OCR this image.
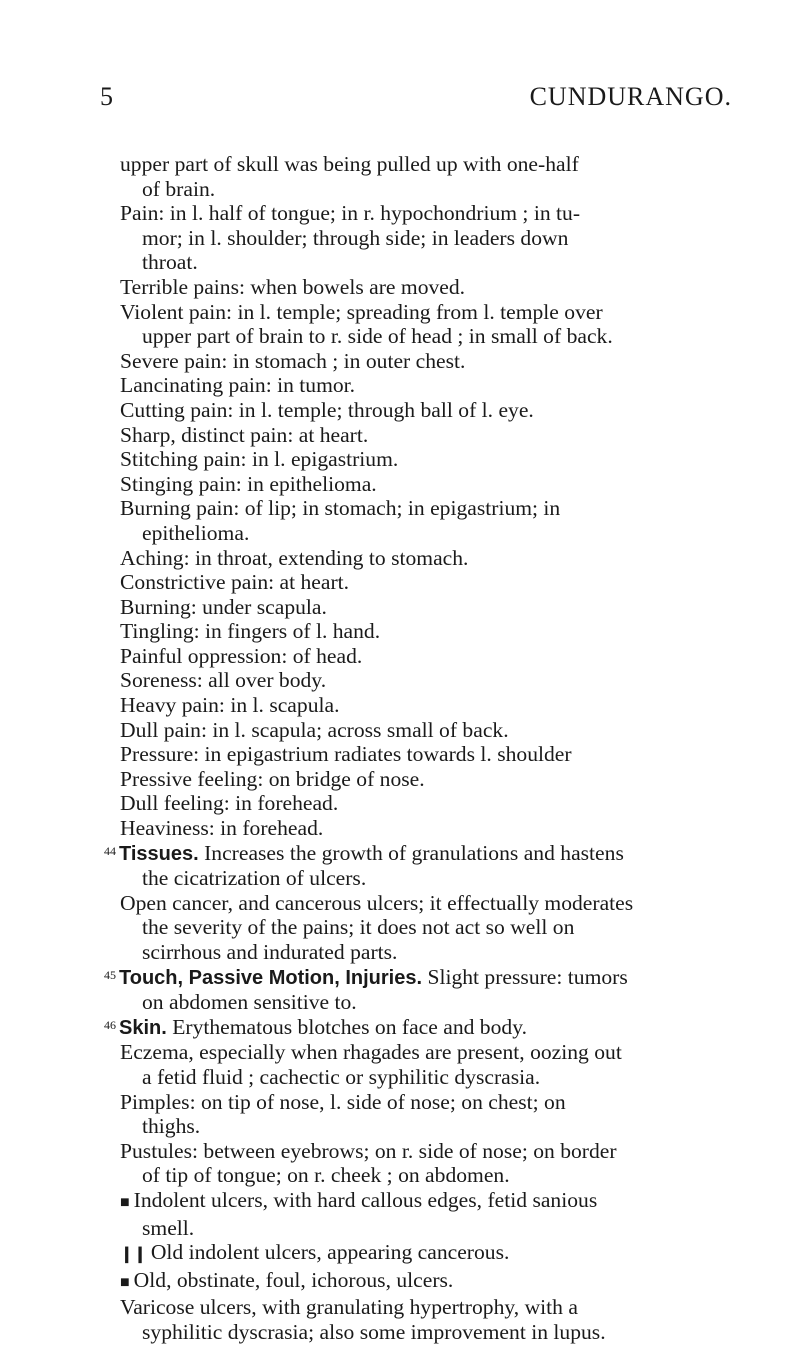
5	CUNDURANGO.
upper part of skull was being pulled up with one-half
of brain.
Pain: in l. half of tongue; in r. hypochondrium ; in tu-
mor; in l. shoulder; through side; in leaders down
throat.
Terrible pains: when bowels are moved.
Violent pain: in l. temple; spreading from l. temple over
upper part of brain to r. side of head ; in small of back.
Severe pain: in stomach ; in outer chest.
Lancinating pain: in tumor.
Cutting pain: in l. temple; through ball of l. eye.
Sharp, distinct pain: at heart.
Stitching pain: in l. epigastrium.
Stinging pain: in epithelioma.
Burning pain: of lip; in stomach; in epigastrium; in
epithelioma.
Aching: in throat, extending to stomach.
Constrictive pain: at heart.
Burning: under scapula.
Tingling: in fingers of l. hand.
Painful oppression: of head.
Soreness: all over body.
Heavy pain: in l. scapula.
Dull pain: in l. scapula; across small of back.
Pressure: in epigastrium radiates towards l. shoulder
Pressive feeling: on bridge of nose.
Dull feeling: in forehead.
Heaviness: in forehead.
$^{44}$ Tissues. Increases the growth of granulations and hastens
the cicatrization of ulcers.
Open cancer, and cancerous ulcers; it effectually moderates
the severity of the pains; it does not act so well on
scirrhous and indurated parts.
$^{45}$ Touch, Passive Motion, Injuries. Slight pressure: tumors
on abdomen sensitive to.
$^{46}$ Skin. Erythematous blotches on face and body.
Eczema, especially when rhagades are present, oozing out
a fetid fluid ; cachectic or syphilitic dyscrasia.
Pimples: on tip of nose, l. side of nose; on chest; on
thighs.
Pustules: between eyebrows; on r. side of nose; on border
of tip of tongue; on r. cheek ; on abdomen.
■ Indolent ulcers, with hard callous edges, fetid sanious
smell.
❙❙ Old indolent ulcers, appearing cancerous.
■ Old, obstinate, foul, ichorous, ulcers.
Varicose ulcers, with granulating hypertrophy, with a
syphilitic dyscrasia; also some improvement in lupus.
